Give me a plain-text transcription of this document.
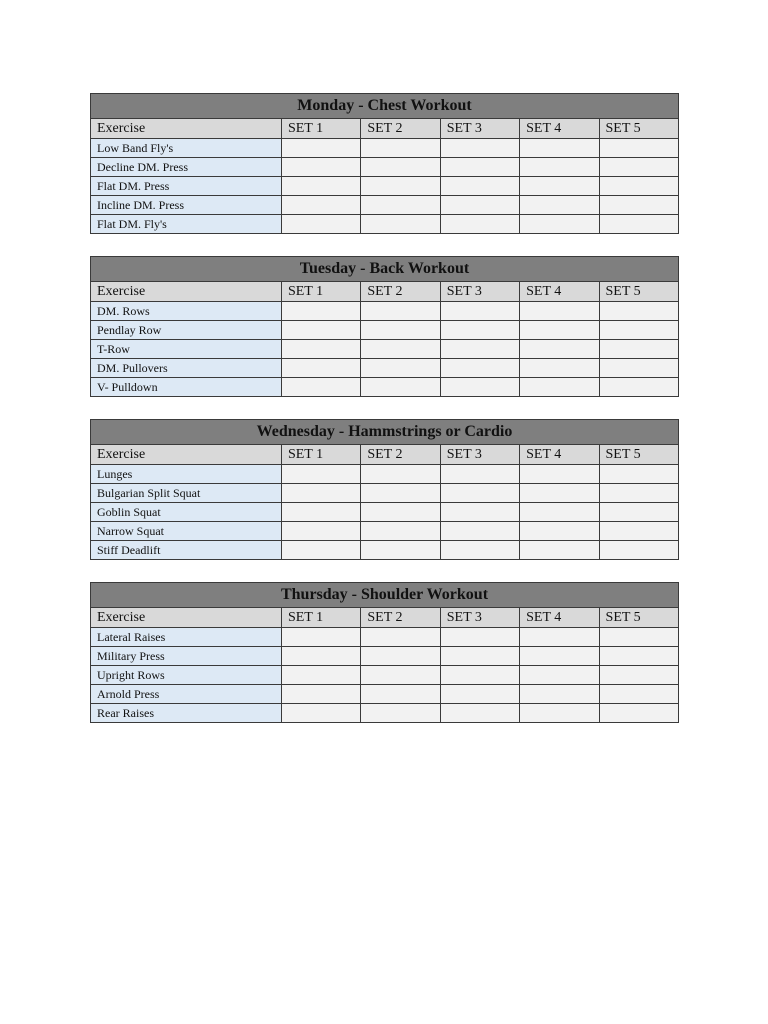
Monday - Chest Workout					
Exercise	SET 1	SET 2	SET 3	SET 4	SET 5
Low Band Fly's					
Decline DM. Press					
Flat DM. Press					
Incline DM. Press					
Flat DM. Fly's					
Tuesday - Back Workout					
Exercise	SET 1	SET 2	SET 3	SET 4	SET 5
DM. Rows					
Pendlay Row					
T-Row					
DM. Pullovers					
V- Pulldown					
Wednesday - Hammstrings or Cardio					
Exercise	SET 1	SET 2	SET 3	SET 4	SET 5
Lunges					
Bulgarian Split Squat					
Goblin Squat					
Narrow Squat					
Stiff Deadlift					
Thursday - Shoulder Workout					
Exercise	SET 1	SET 2	SET 3	SET 4	SET 5
Lateral Raises					
Military Press					
Upright Rows					
Arnold Press					
Rear Raises					
